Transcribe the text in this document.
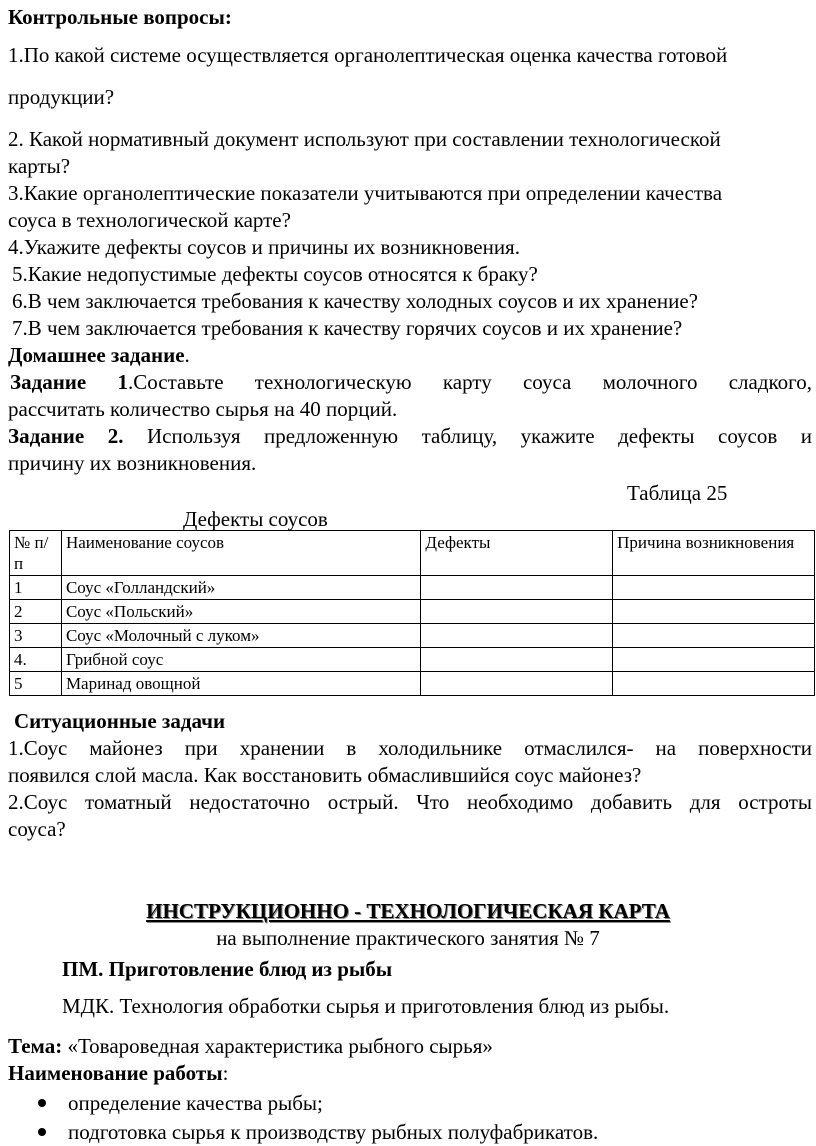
Контрольные вопросы:
1.По какой системе осуществляется органолептическая оценка качества готовой
продукции?
2. Какой нормативный документ используют при составлении технологической
карты?
3.Какие органолептические показатели учитываются при определении качества
соуса в технологической карте?
4.Укажите дефекты соусов и причины их возникновения.
5.Какие недопустимые дефекты соусов относятся к браку?
6.В чем заключается требования к качеству холодных соусов и их хранение?
7.В чем заключается требования к качеству горячих соусов и их хранение?
Домашнее задание.
Задание 1.Составьте технологическую карту соуса молочного сладкого,
рассчитать количество сырья на 40 порций.
Задание 2. Используя предложенную таблицу, укажите дефекты соусов и
причину их возникновения.
Таблица 25
Дефекты соусов
№ п/п	Наименование соусов	Дефекты	Причина возникновения
1	Соус «Голландский»		
2	Соус «Польский»		
3	Соус «Молочный с луком»		
4.	Грибной соус		
5	Маринад овощной		
Ситуационные задачи
1.Соус майонез при хранении в холодильнике отмаслился- на поверхности
появился слой масла. Как восстановить обмаслившийся соус майонез?
2.Соус томатный недостаточно острый. Что необходимо добавить для остроты
соуса?
ИНСТРУКЦИОННО - ТЕХНОЛОГИЧЕСКАЯ КАРТА
на выполнение практического занятия № 7
ПМ. Приготовление блюд из рыбы
МДК. Технология обработки сырья и приготовления блюд из рыбы.
Тема: «Товароведная характеристика рыбного сырья»
Наименование работы:
определение качества рыбы;
подготовка сырья к производству рыбных полуфабрикатов.
